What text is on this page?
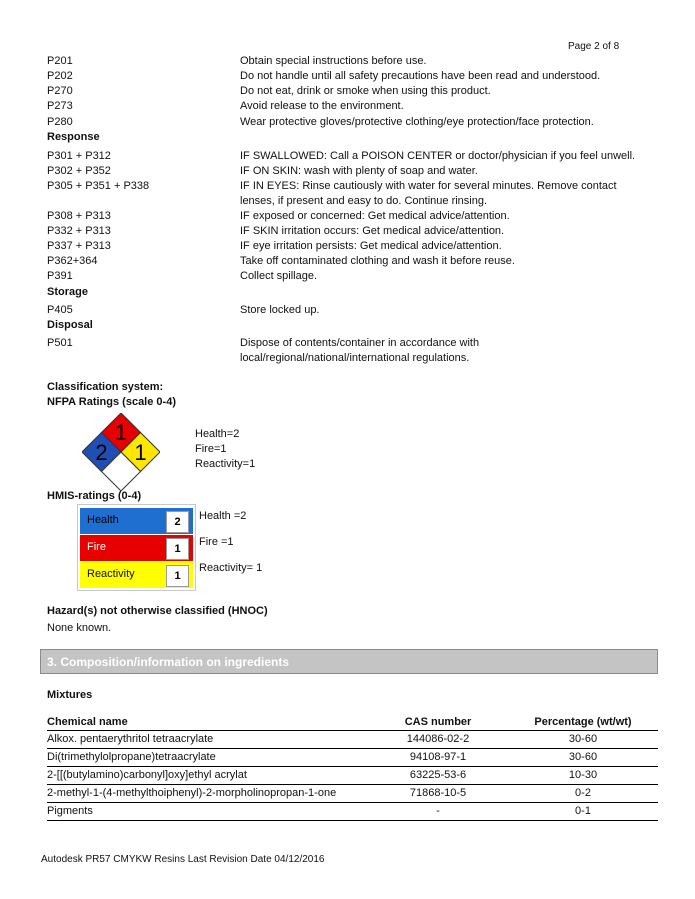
Page 2 of 8
P201	Obtain special instructions before use.
P202	Do not handle until all safety precautions have been read and understood.
P270	Do not eat, drink or smoke when using this product.
P273	Avoid release to the environment.
P280	Wear protective gloves/protective clothing/eye protection/face protection.
Response
P301 + P312	IF SWALLOWED: Call a POISON CENTER or doctor/physician if you feel unwell.
P302 + P352	IF ON SKIN: wash with plenty of soap and water.
P305 + P351 + P338	IF IN EYES: Rinse cautiously with water for several minutes. Remove contact lenses, if present and easy to do. Continue rinsing.
P308 + P313	IF exposed or concerned: Get medical advice/attention.
P332 + P313	IF SKIN irritation occurs: Get medical advice/attention.
P337 + P313	IF eye irritation persists: Get medical advice/attention.
P362+364	Take off contaminated clothing and wash it before reuse.
P391	Collect spillage.
Storage
P405	Store locked up.
Disposal
P501	Dispose of contents/container in accordance with local/regional/national/international regulations.
Classification system:
NFPA Ratings (scale 0-4)
1
2 1
Health=2
Fire=1
Reactivity=1
HMIS-ratings (0-4)
Health	2
Fire	1
Reactivity	1
Health =2
Fire =1
Reactivity= 1
Hazard(s) not otherwise classified (HNOC)
None known.
3. Composition/information on ingredients
Mixtures
Chemical name	CAS number	Percentage (wt/wt)
Alkox. pentaerythritol tetraacrylate	144086-02-2	30-60
Di(trimethylolpropane)tetraacrylate	94108-97-1	30-60
2-[[(butylamino)carbonyl]oxy]ethyl acrylat	63225-53-6	10-30
2-methyl-1-(4-methylthoiphenyl)-2-morpholinopropan-1-one	71868-10-5	0-2
Pigments	-	0-1
Autodesk PR57 CMYKW Resins Last Revision Date 04/12/2016
